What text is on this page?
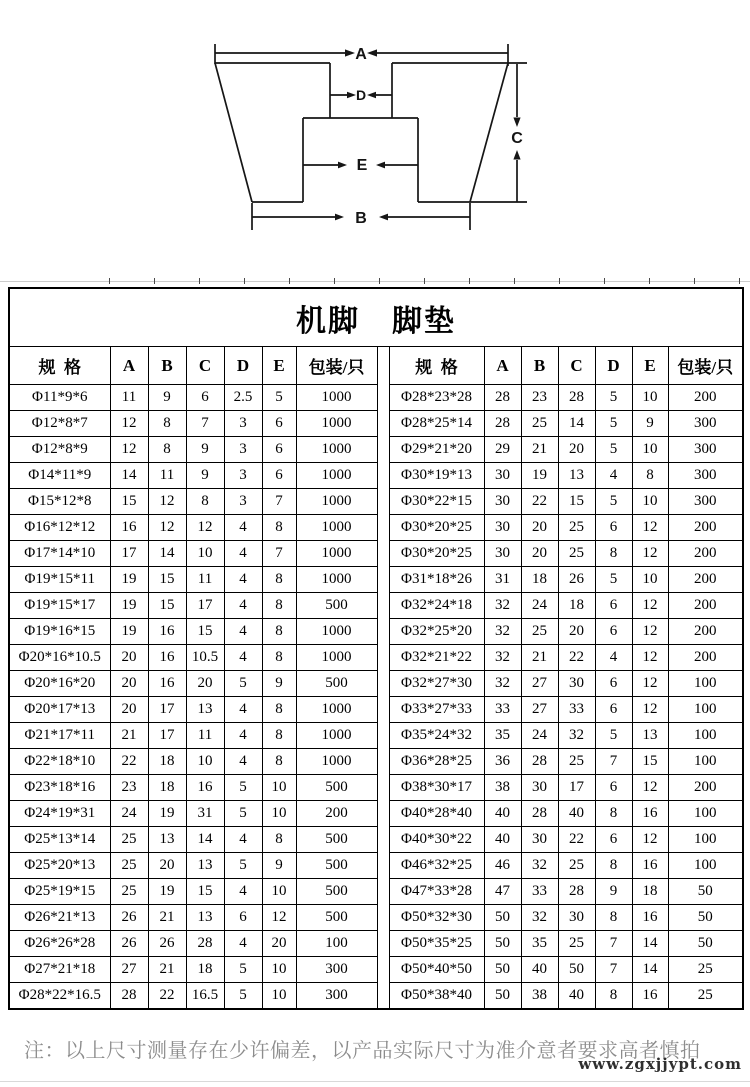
A
D
E
B
C
机脚　脚垫														
规  格	A	B	C	D	E	包装/只		规  格	A	B	C	D	E	包装/只
Φ11*9*6	11	9	6	2.5	5	1000		Φ28*23*28	28	23	28	5	10	200
Φ12*8*7	12	8	7	3	6	1000		Φ28*25*14	28	25	14	5	9	300
Φ12*8*9	12	8	9	3	6	1000		Φ29*21*20	29	21	20	5	10	300
Φ14*11*9	14	11	9	3	6	1000		Φ30*19*13	30	19	13	4	8	300
Φ15*12*8	15	12	8	3	7	1000		Φ30*22*15	30	22	15	5	10	300
Φ16*12*12	16	12	12	4	8	1000		Φ30*20*25	30	20	25	6	12	200
Φ17*14*10	17	14	10	4	7	1000		Φ30*20*25	30	20	25	8	12	200
Φ19*15*11	19	15	11	4	8	1000		Φ31*18*26	31	18	26	5	10	200
Φ19*15*17	19	15	17	4	8	500		Φ32*24*18	32	24	18	6	12	200
Φ19*16*15	19	16	15	4	8	1000		Φ32*25*20	32	25	20	6	12	200
Φ20*16*10.5	20	16	10.5	4	8	1000		Φ32*21*22	32	21	22	4	12	200
Φ20*16*20	20	16	20	5	9	500		Φ32*27*30	32	27	30	6	12	100
Φ20*17*13	20	17	13	4	8	1000		Φ33*27*33	33	27	33	6	12	100
Φ21*17*11	21	17	11	4	8	1000		Φ35*24*32	35	24	32	5	13	100
Φ22*18*10	22	18	10	4	8	1000		Φ36*28*25	36	28	25	7	15	100
Φ23*18*16	23	18	16	5	10	500		Φ38*30*17	38	30	17	6	12	200
Φ24*19*31	24	19	31	5	10	200		Φ40*28*40	40	28	40	8	16	100
Φ25*13*14	25	13	14	4	8	500		Φ40*30*22	40	30	22	6	12	100
Φ25*20*13	25	20	13	5	9	500		Φ46*32*25	46	32	25	8	16	100
Φ25*19*15	25	19	15	4	10	500		Φ47*33*28	47	33	28	9	18	50
Φ26*21*13	26	21	13	6	12	500		Φ50*32*30	50	32	30	8	16	50
Φ26*26*28	26	26	28	4	20	100		Φ50*35*25	50	35	25	7	14	50
Φ27*21*18	27	21	18	5	10	300		Φ50*40*50	50	40	50	7	14	25
Φ28*22*16.5	28	22	16.5	5	10	300		Φ50*38*40	50	38	40	8	16	25
注：以上尺寸测量存在少许偏差，以产品实际尺寸为准介意者要求高者慎拍
www.zgxjjypt.com
